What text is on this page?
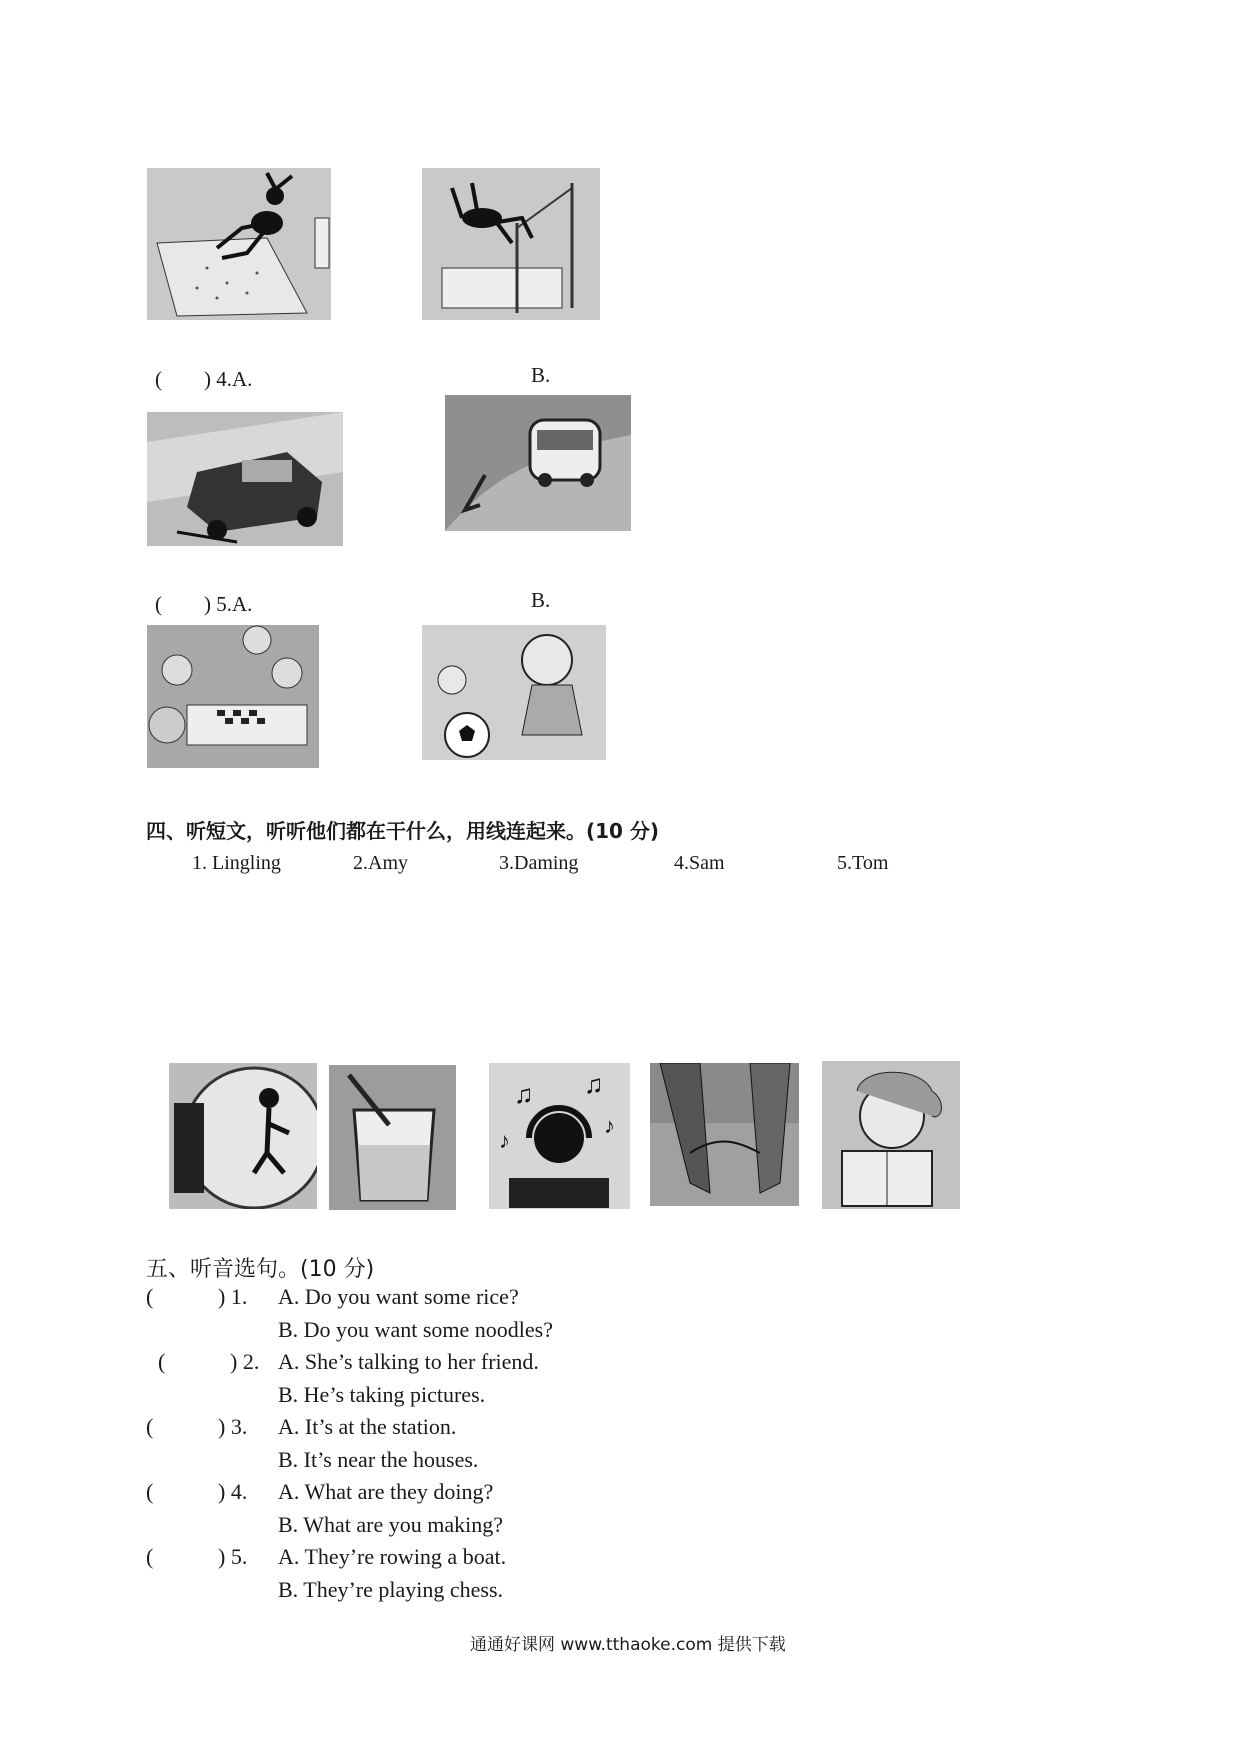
(　　) 4.A.	B.
(　　) 5.A.	B.
四、听短文，听听他们都在干什么，用线连起来。(10 分)
1. Lingling	2.Amy	3.Daming	4.Sam	5.Tom
♫ ♫
♪
♪
五、听音选句。(10 分)
(	) 1. A. Do you want some rice?
B. Do you want some noodles?
(	) 2. A. She’s talking to her friend.
B. He’s taking pictures.
(	) 3. A. It’s at the station.
B. It’s near the houses.
(	) 4. A. What are they doing?
B. What are you making?
(	) 5. A. They’re rowing a boat.
B. They’re playing chess.
通通好课网 www.tthaoke.com 提供下载
